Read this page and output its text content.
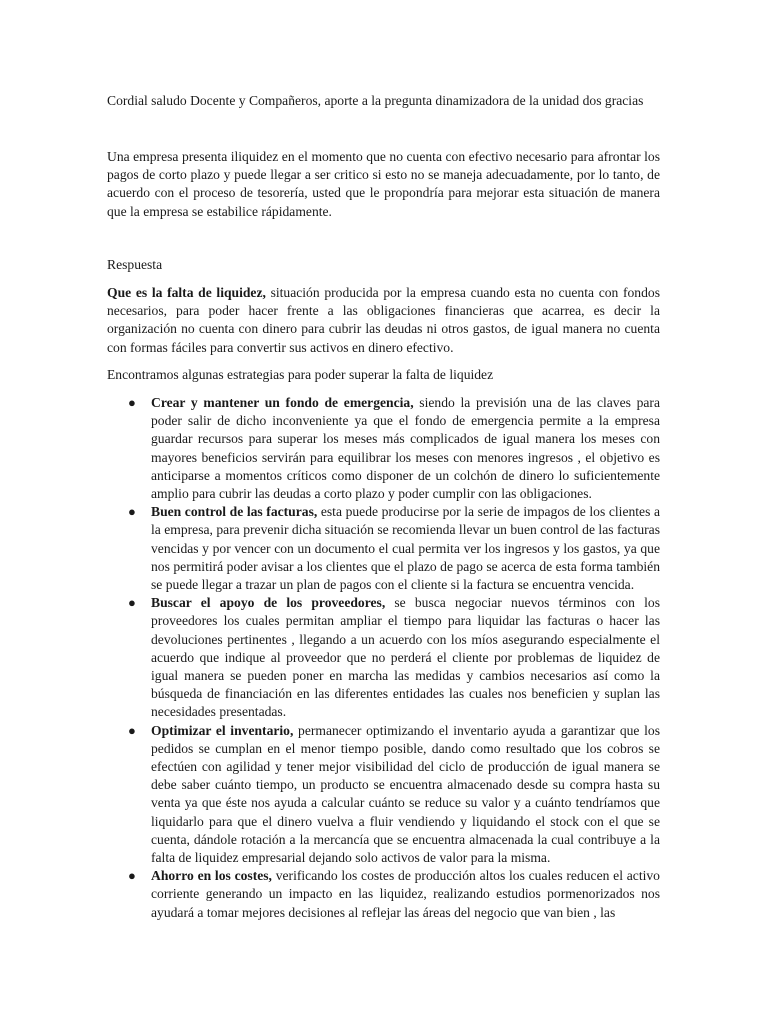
Cordial saludo Docente y Compañeros, aporte a la pregunta dinamizadora de la unidad dos gracias

Una empresa presenta iliquidez en el momento que no cuenta con efectivo necesario para afrontar los pagos de corto plazo y puede llegar a ser critico si esto no se maneja adecuadamente, por lo tanto, de acuerdo con el proceso de tesorería, usted que le propondría para mejorar esta situación de manera que la empresa se estabilice rápidamente.

Respuesta

Que es la falta de liquidez, situación producida por la empresa cuando esta no cuenta con fondos necesarios, para poder hacer frente a las obligaciones financieras que acarrea, es decir la organización no cuenta con dinero para cubrir las deudas ni otros gastos, de igual manera no cuenta con formas fáciles para convertir sus activos en dinero efectivo.

Encontramos algunas estrategias para poder superar la falta de liquidez

● Crear y mantener un fondo de emergencia, siendo la previsión una de las claves para poder salir de dicho inconveniente ya que el fondo de emergencia permite a la empresa guardar recursos para superar los meses más complicados de igual manera los meses con mayores beneficios servirán para equilibrar los meses con menores ingresos , el objetivo es anticiparse a momentos críticos como disponer de un colchón de dinero lo suficientemente amplio para cubrir las deudas a corto plazo y poder cumplir con las obligaciones.
● Buen control de las facturas, esta puede producirse por la serie de impagos de los clientes a la empresa, para prevenir dicha situación se recomienda llevar un buen control de las facturas vencidas y por vencer con un documento el cual permita ver los ingresos y los gastos, ya que nos permitirá poder avisar a los clientes que el plazo de pago se acerca de esta forma también se puede llegar a trazar un plan de pagos con el cliente si la factura se encuentra vencida.
● Buscar el apoyo de los proveedores, se busca negociar nuevos términos con los proveedores los cuales permitan ampliar el tiempo para liquidar las facturas o hacer las devoluciones pertinentes , llegando a un acuerdo con los míos asegurando especialmente el acuerdo que indique al proveedor que no perderá el cliente por problemas de liquidez de igual manera se pueden poner en marcha las medidas y cambios necesarios así como la búsqueda de financiación en las diferentes entidades las cuales nos beneficien y suplan las necesidades presentadas.
● Optimizar el inventario, permanecer optimizando el inventario ayuda a garantizar que los pedidos se cumplan en el menor tiempo posible, dando como resultado que los cobros se efectúen con agilidad y tener mejor visibilidad del ciclo de producción de igual manera se debe saber cuánto tiempo, un producto se encuentra almacenado desde su compra hasta su venta ya que éste nos ayuda a calcular cuánto se reduce su valor y a cuánto tendríamos que liquidarlo para que el dinero vuelva a fluir vendiendo y liquidando el stock con el que se cuenta, dándole rotación a la mercancía que se encuentra almacenada la cual contribuye a la falta de liquidez empresarial dejando solo activos de valor para la misma.
● Ahorro en los costes, verificando los costes de producción altos los cuales reducen el activo corriente generando un impacto en las liquidez, realizando estudios pormenorizados nos ayudará a tomar mejores decisiones al reflejar las áreas del negocio que van bien , las
